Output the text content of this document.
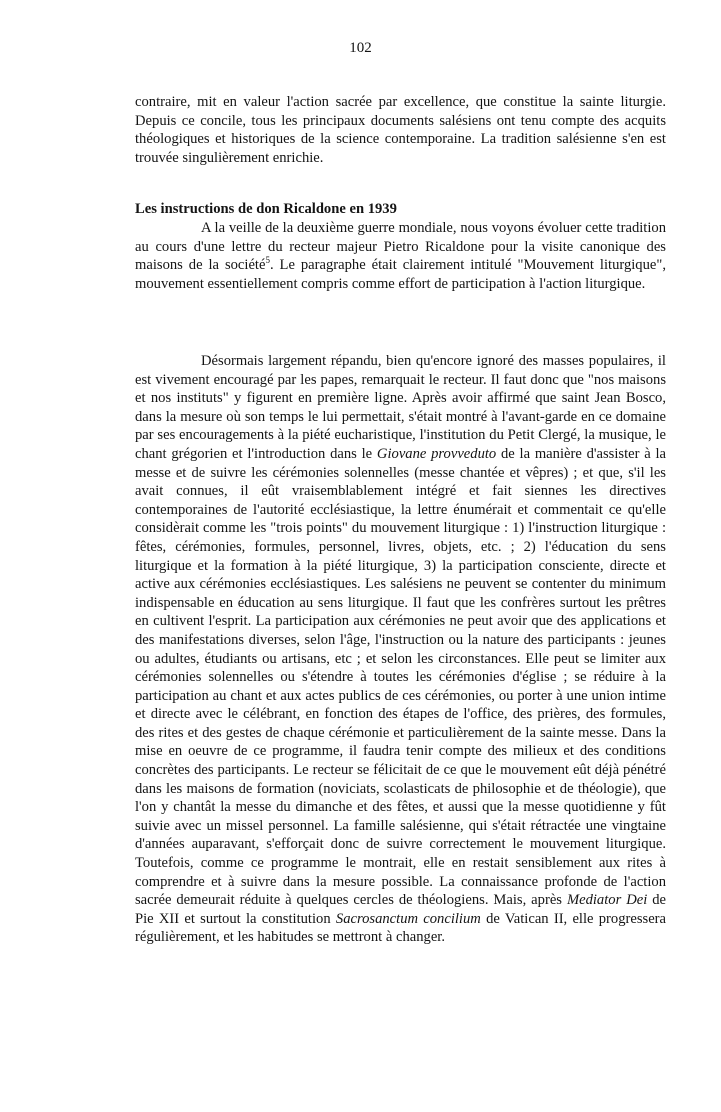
102

contraire, mit en valeur l'action sacrée par excellence, que constitue la sainte liturgie. Depuis ce concile, tous les principaux documents salésiens ont tenu compte des acquits théologiques et historiques de la science contemporaine. La tradition salésienne s'en est trouvée singulièrement enrichie.

Les instructions de don Ricaldone en 1939

A la veille de la deuxième guerre mondiale, nous voyons évoluer cette tradition au cours d'une lettre du recteur majeur Pietro Ricaldone pour la visite canonique des maisons de la société$^5$. Le paragraphe était clairement intitulé "Mouvement liturgique", mouvement essentiellement compris comme effort de participation à l'action liturgique.

Désormais largement répandu, bien qu'encore ignoré des masses populaires, il est vivement encouragé par les papes, remarquait le recteur. Il faut donc que "nos maisons et nos instituts" y figurent en première ligne. Après avoir affirmé que saint Jean Bosco, dans la mesure où son temps le lui permettait, s'était montré à l'avant-garde en ce domaine par ses encouragements à la piété eucharistique, l'institution du Petit Clergé, la musique, le chant grégorien et l'introduction dans le Giovane provveduto de la manière d'assister à la messe et de suivre les cérémonies solennelles (messe chantée et vêpres) ; et que, s'il les avait connues, il eût vraisemblablement intégré et fait siennes les directives contemporaines de l'autorité ecclésiastique, la lettre énumérait et commentait ce qu'elle considèrait comme les "trois points" du mouvement liturgique : 1) l'instruction liturgique : fêtes, cérémonies, formules, personnel, livres, objets, etc. ; 2) l'éducation du sens liturgique et la formation à la piété liturgique, 3) la participation consciente, directe et active aux cérémonies ecclésiastiques. Les salésiens ne peuvent se contenter du minimum indispensable en éducation au sens liturgique. Il faut que les confrères surtout les prêtres en cultivent l'esprit. La participation aux cérémonies ne peut avoir que des applications et des manifestations diverses, selon l'âge, l'instruction ou la nature des participants : jeunes ou adultes, étudiants ou artisans, etc ; et selon les circonstances. Elle peut se limiter aux cérémonies solennelles ou s'étendre à toutes les cérémonies d'église ; se réduire à la participation au chant et aux actes publics de ces cérémonies, ou porter à une union intime et directe avec le célébrant, en fonction des étapes de l'office, des prières, des formules, des rites et des gestes de chaque cérémonie et particulièrement de la sainte messe. Dans la mise en oeuvre de ce programme, il faudra tenir compte des milieux et des conditions concrètes des participants. Le recteur se félicitait de ce que le mouvement eût déjà pénétré dans les maisons de formation (noviciats, scolasticats de philosophie et de théologie), que l'on y chantât la messe du dimanche et des fêtes, et aussi que la messe quotidienne y fût suivie avec un missel personnel. La famille salésienne, qui s'était rétractée une vingtaine d'années auparavant, s'efforçait donc de suivre correctement le mouvement liturgique. Toutefois, comme ce programme le montrait, elle en restait sensiblement aux rites à comprendre et à suivre dans la mesure possible. La connaissance profonde de l'action sacrée demeurait réduite à quelques cercles de théologiens. Mais, après Mediator Dei de Pie XII et surtout la constitution Sacrosanctum concilium de Vatican II, elle progressera régulièrement, et les habitudes se mettront à changer.
